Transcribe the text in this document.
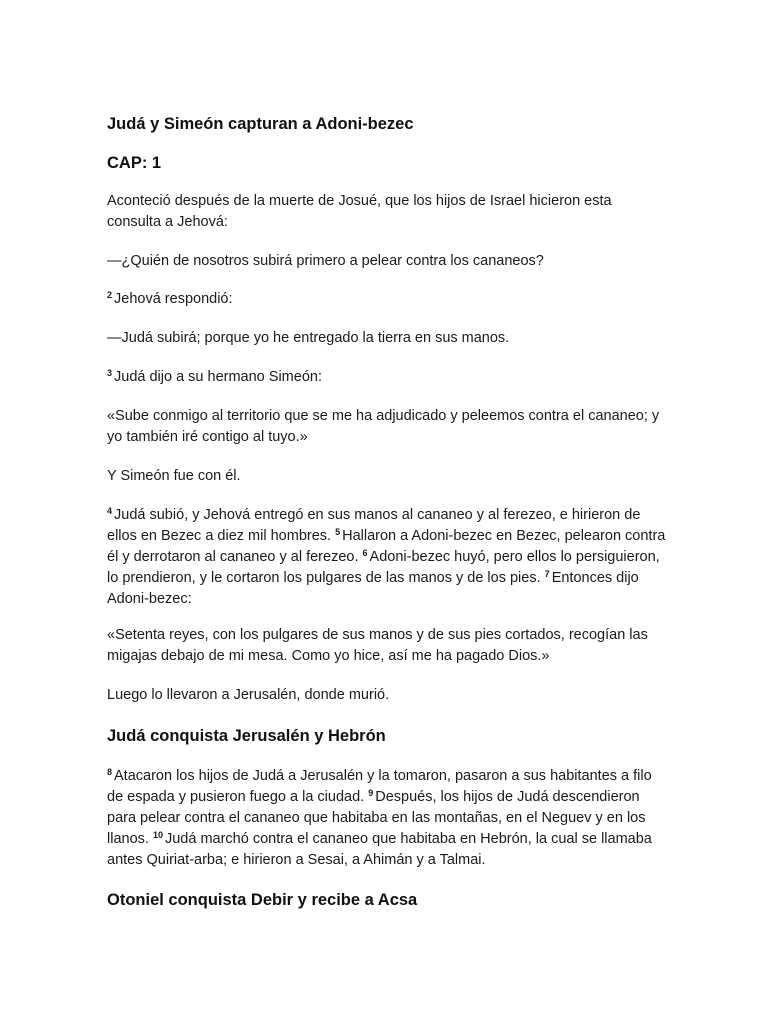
Judá y Simeón capturan a Adoni-bezec
CAP: 1

Aconteció después de la muerte de Josué, que los hijos de Israel hicieron esta consulta a Jehová:

—¿Quién de nosotros subirá primero a pelear contra los cananeos?

$^2$ Jehová respondió:

—Judá subirá; porque yo he entregado la tierra en sus manos.

$^3$ Judá dijo a su hermano Simeón:

«Sube conmigo al territorio que se me ha adjudicado y peleemos contra el cananeo; y yo también iré contigo al tuyo.»

Y Simeón fue con él.

$^4$ Judá subió, y Jehová entregó en sus manos al cananeo y al ferezeo, e hirieron de ellos en Bezec a diez mil hombres. $^5$ Hallaron a Adoni-bezec en Bezec, pelearon contra él y derrotaron al cananeo y al ferezeo. $^6$ Adoni-bezec huyó, pero ellos lo persiguieron, lo prendieron, y le cortaron los pulgares de las manos y de los pies. $^7$ Entonces dijo Adoni-bezec:

«Setenta reyes, con los pulgares de sus manos y de sus pies cortados, recogían las migajas debajo de mi mesa. Como yo hice, así me ha pagado Dios.»

Luego lo llevaron a Jerusalén, donde murió.

Judá conquista Jerusalén y Hebrón

$^8$ Atacaron los hijos de Judá a Jerusalén y la tomaron, pasaron a sus habitantes a filo de espada y pusieron fuego a la ciudad. $^9$ Después, los hijos de Judá descendieron para pelear contra el cananeo que habitaba en las montañas, en el Neguev y en los llanos. $^{10}$ Judá marchó contra el cananeo que habitaba en Hebrón, la cual se llamaba antes Quiriat-arba; e hirieron a Sesai, a Ahimán y a Talmai.

Otoniel conquista Debir y recibe a Acsa
